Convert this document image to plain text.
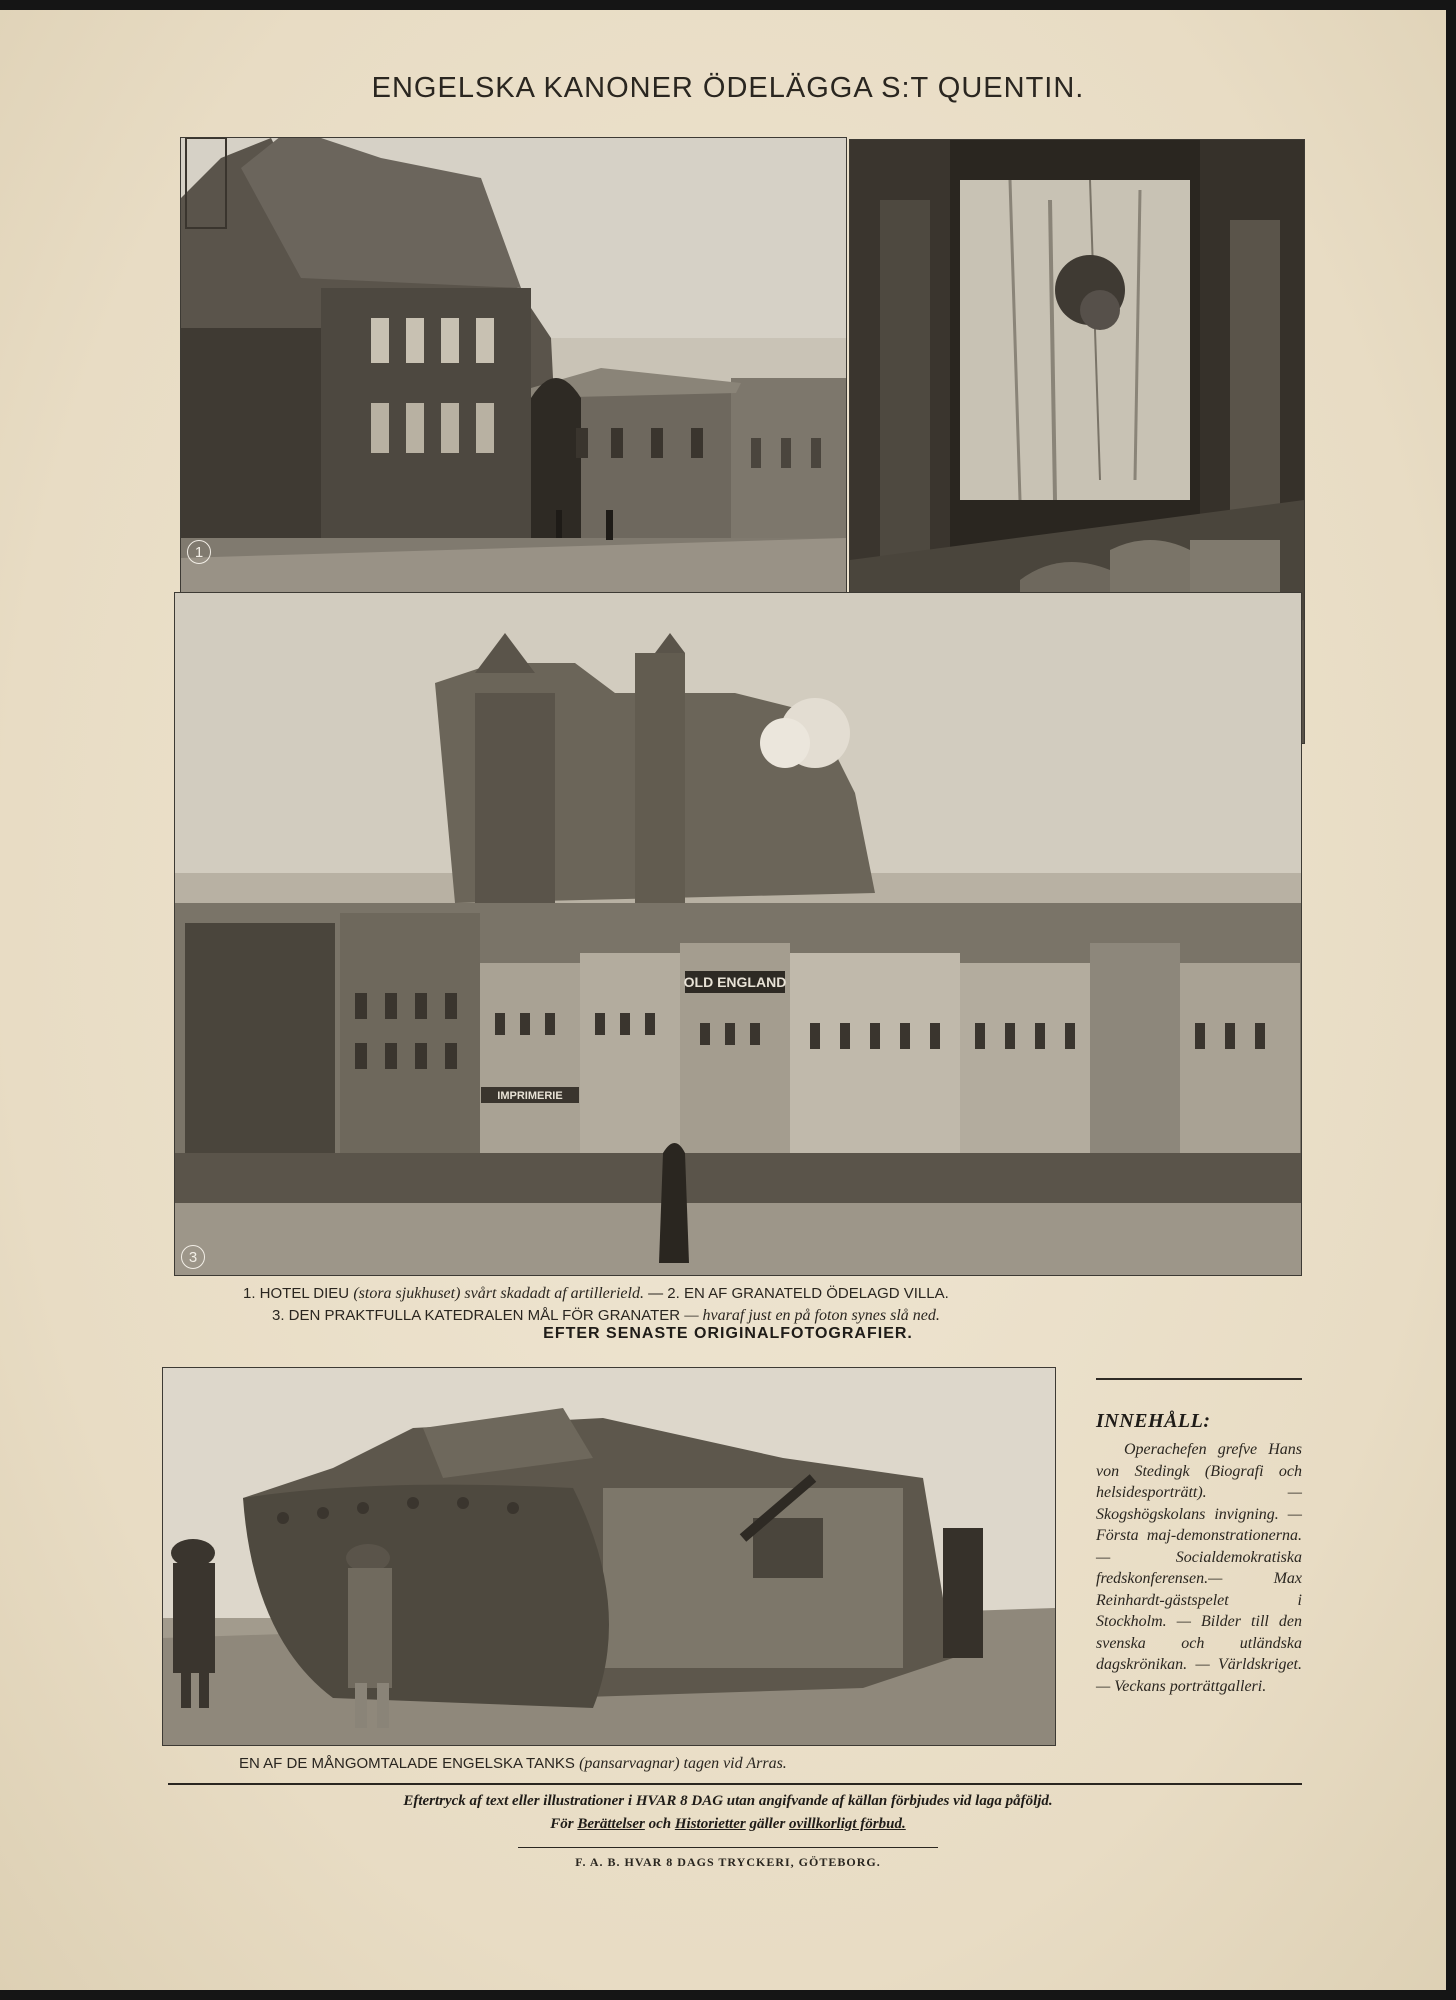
ENGELSKA KANONER ÖDELÄGGA S:T QUENTIN.
1
OLD ENGLAND
IMPRIMERIE
3
1. HOTEL DIEU (stora sjukhuset) svårt skadadt af artillerield. — 2. EN AF GRANATELD ÖDELAGD VILLA.
3. DEN PRAKTFULLA KATEDRALEN MÅL FÖR GRANATER — hvaraf just en på foton synes slå ned.
EFTER SENASTE ORIGINALFOTOGRAFIER.
EN AF DE MÅNGOMTALADE ENGELSKA TANKS (pansarvagnar) tagen vid Arras.
INNEHÅLL:
Operachefen grefve Hans von Stedingk (Biografi och helsidesporträtt). — Skogshögskolans invigning. — Första maj-demonstrationerna. — Socialdemokratiska fredskonferensen.— Max Reinhardt-gästspelet i Stockholm. — Bilder till den svenska och utländska dagskrönikan. — Världskriget. — Veckans porträttgalleri.
Eftertryck af text eller illustrationer i HVAR 8 DAG utan angifvande af källan förbjudes vid laga påföljd.
För Berättelser och Historietter gäller ovillkorligt förbud.
F. A. B. HVAR 8 DAGS TRYCKERI, GÖTEBORG.
